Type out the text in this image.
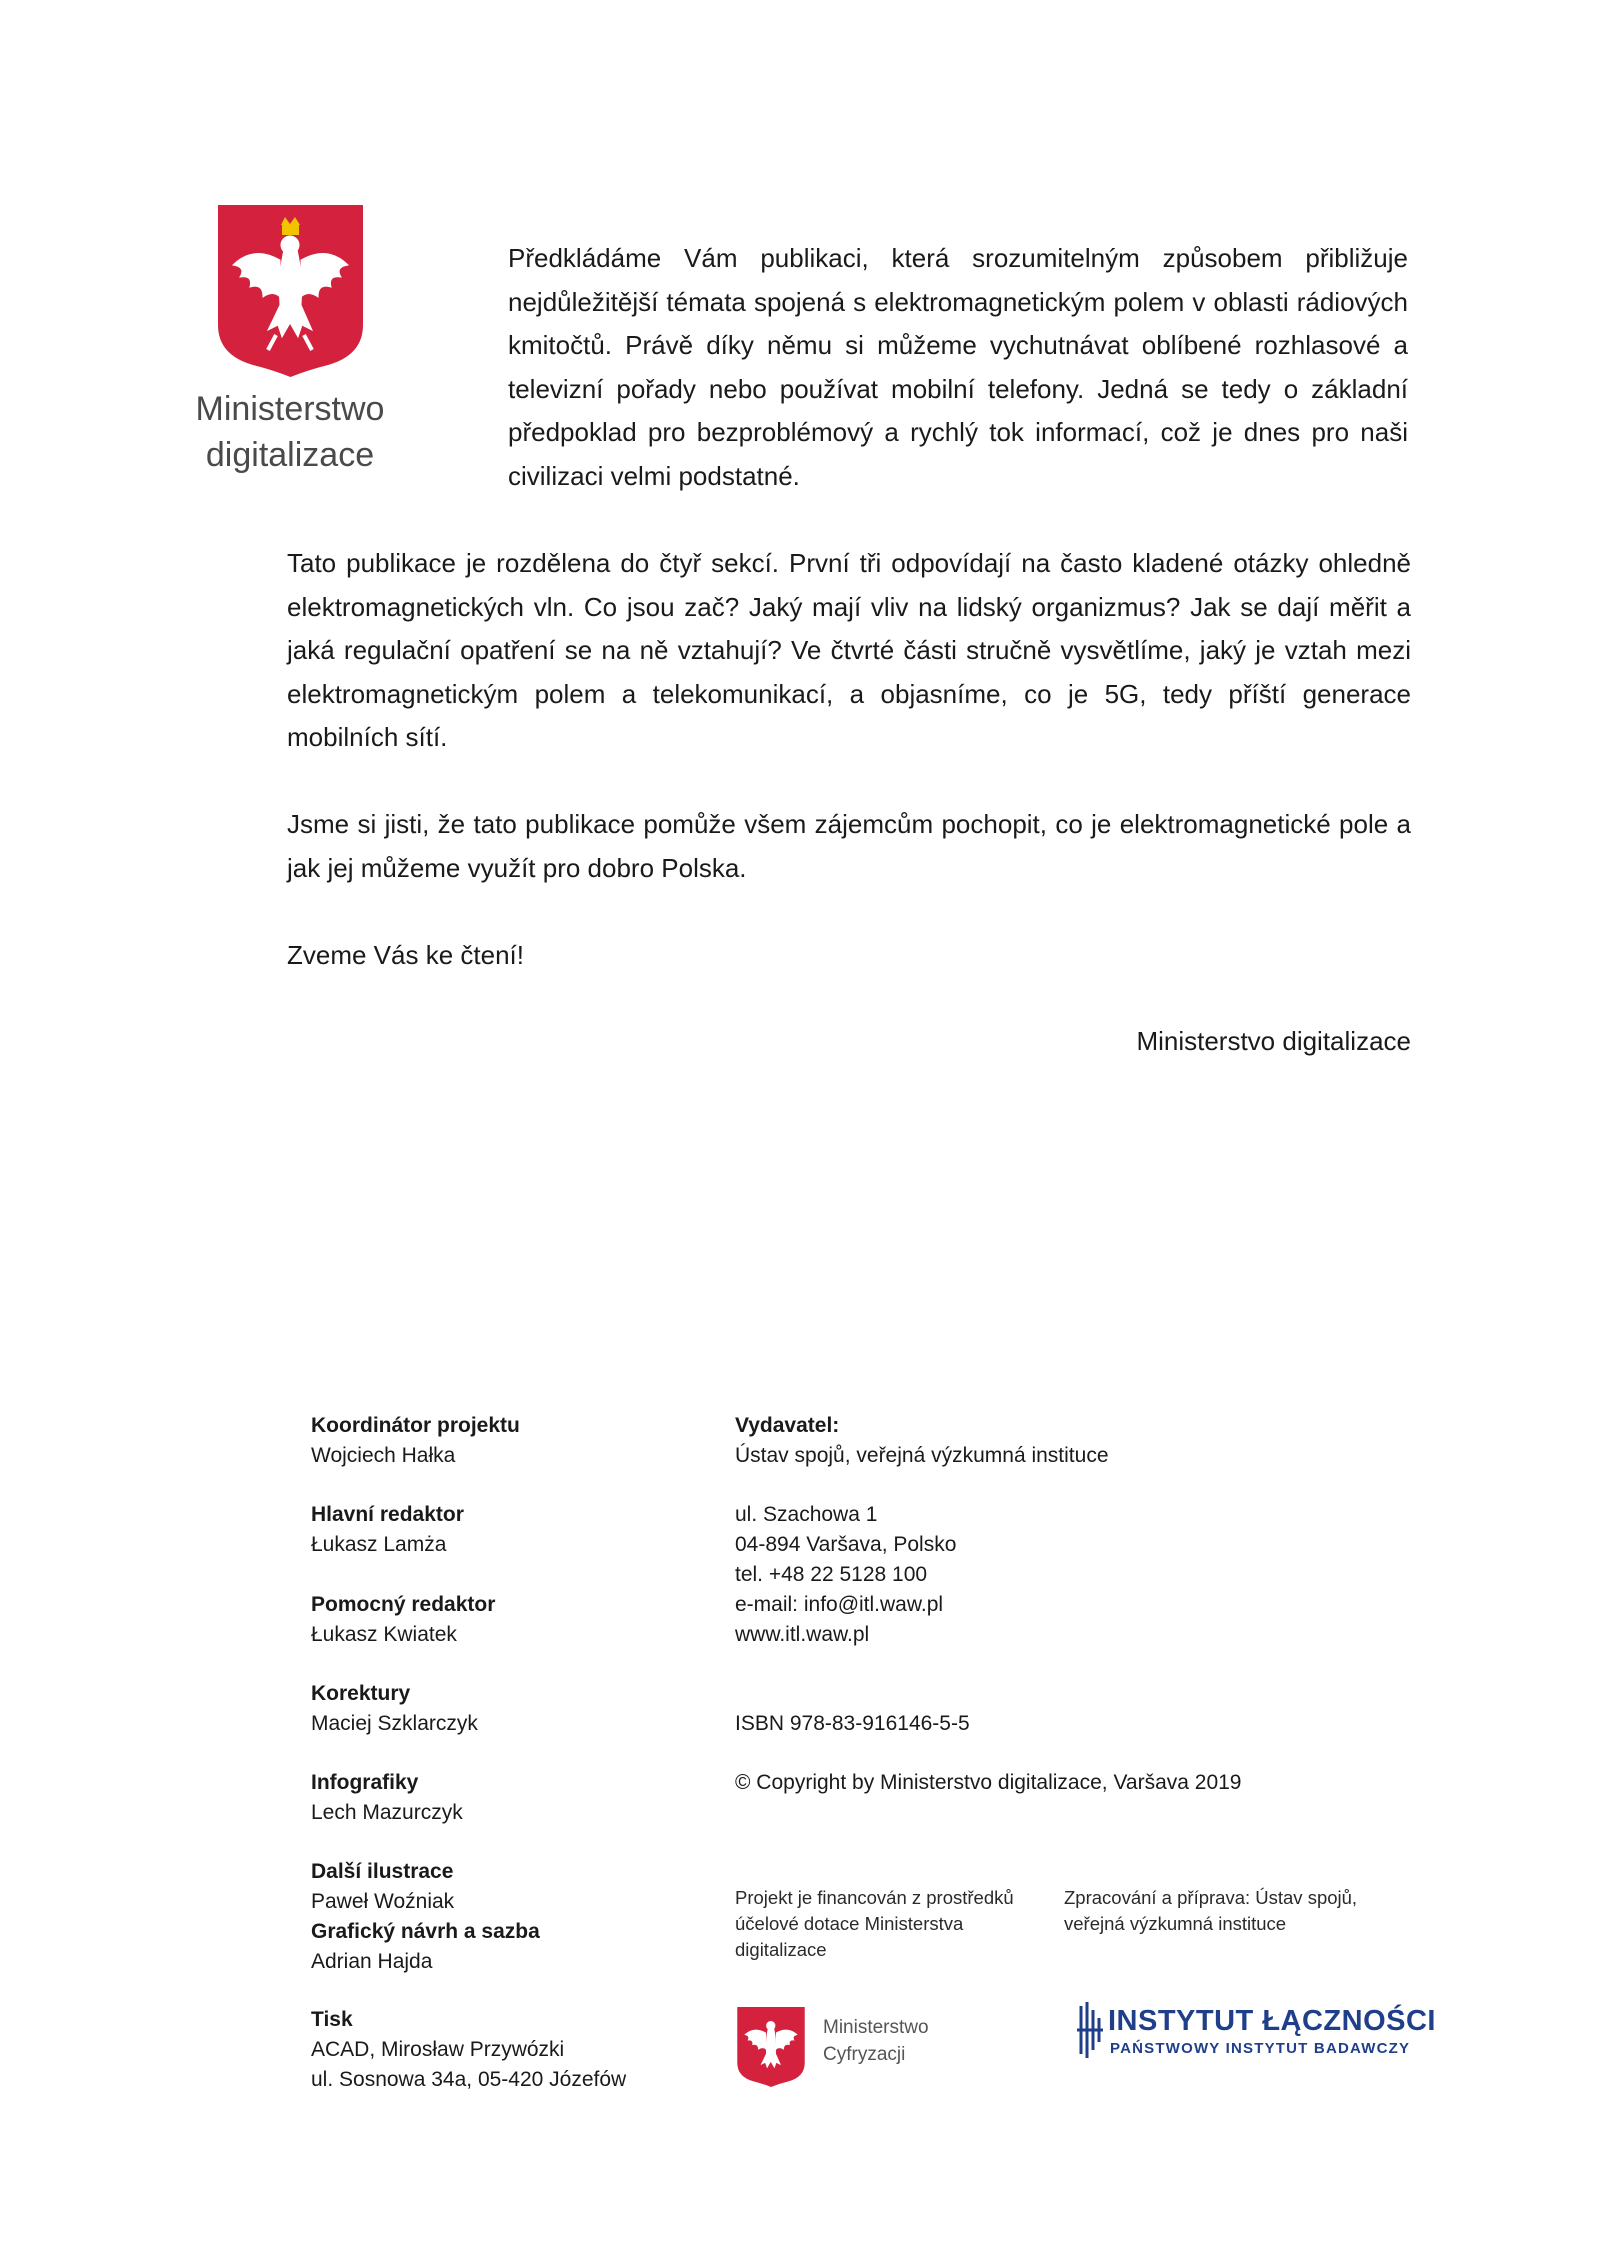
Ministerstwo
digitalizace

Předkládáme Vám publikaci, která srozumitelným způsobem přibližuje nejdůležitější témata spojená s elektromagnetickým polem v oblasti rádiových kmitočtů. Právě díky němu si můžeme vychutnávat oblíbené rozhlasové a televizní pořady nebo používat mobilní telefony. Jedná se tedy o základní předpoklad pro bezproblémový a rychlý tok informací, což je dnes pro naši civilizaci velmi podstatné.

Tato publikace je rozdělena do čtyř sekcí. První tři odpovídají na často kladené otázky ohledně elektromagnetických vln. Co jsou zač? Jaký mají vliv na lidský organizmus? Jak se dají měřit a jaká regulační opatření se na ně vztahují? Ve čtvrté části stručně vysvětlíme, jaký je vztah mezi elektromagnetickým polem a telekomunikací, a objasníme, co je 5G, tedy příští generace mobilních sítí.

Jsme si jisti, že tato publikace pomůže všem zájemcům pochopit, co je elektromagnetické pole a jak jej můžeme využít pro dobro Polska.

Zveme Vás ke čtení!

Ministerstvo digitalizace

Koordinátor projektu
Wojciech Hałka
Hlavní redaktor
Łukasz Lamża
Pomocný redaktor
Łukasz Kwiatek
Korektury
Maciej Szklarczyk
Infografiky
Lech Mazurczyk
Další ilustrace
Paweł Woźniak
Grafický návrh a sazba
Adrian Hajda
Tisk
ACAD, Mirosław Przywózki
ul. Sosnowa 34a, 05-420 Józefów
Vydavatel:
Ústav spojů, veřejná výzkumná instituce
ul. Szachowa 1
04-894 Varšava, Polsko
tel. +48 22 5128 100
e-mail: info@itl.waw.pl
www.itl.waw.pl
ISBN 978-83-916146-5-5
© Copyright by Ministerstvo digitalizace, Varšava 2019
Projekt je financován z prostředků
účelové dotace Ministerstva
digitalizace
Zpracování a příprava: Ústav spojů,
veřejná výzkumná instituce
Ministerstwo
Cyfryzacji
INSTYTUT ŁĄCZNOŚCI
PAŃSTWOWY INSTYTUT BADAWCZY
